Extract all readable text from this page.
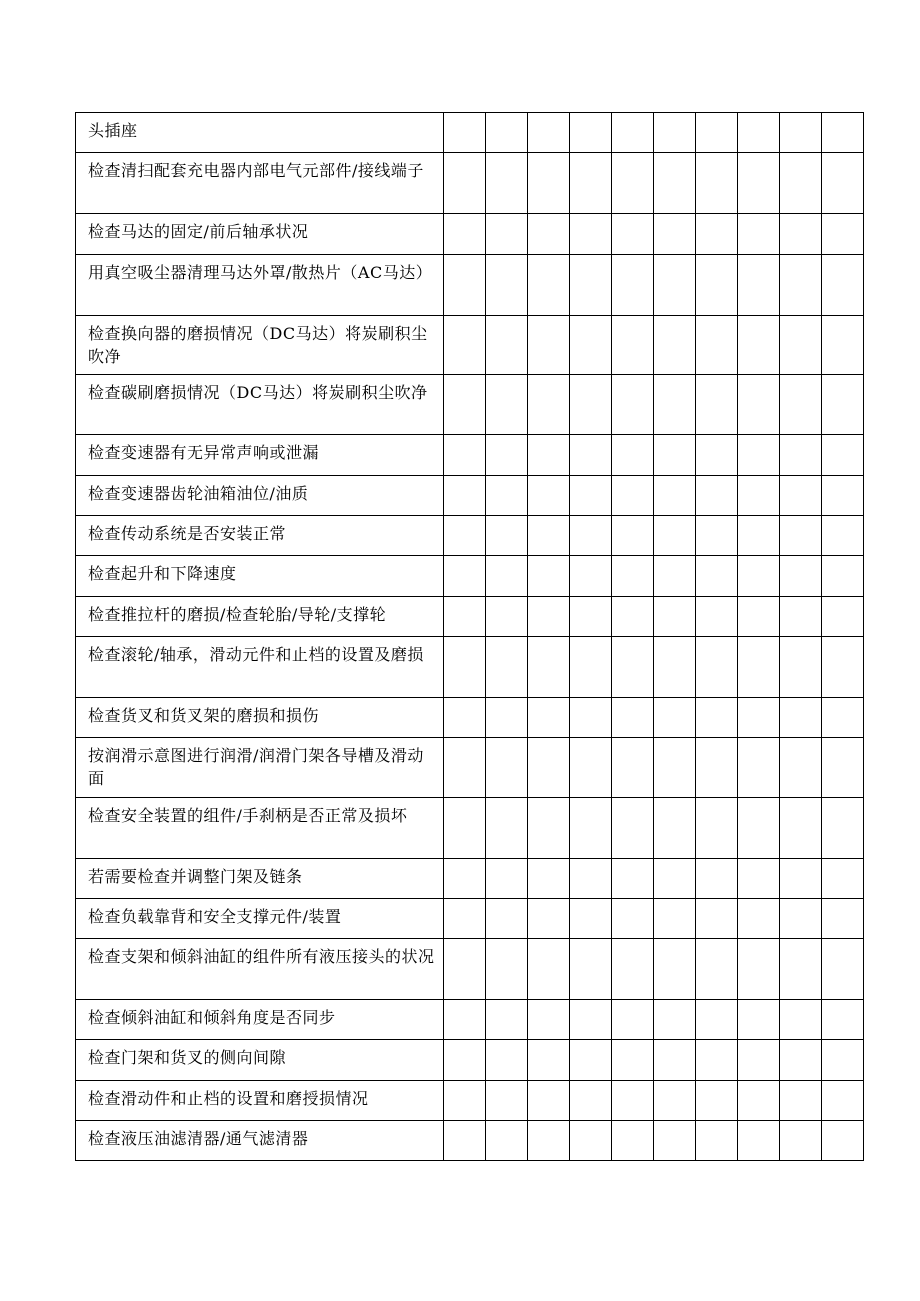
头插座										
检查清扫配套充电器内部电气元部件/接线端子										
检查马达的固定/前后轴承状况										
用真空吸尘器清理马达外罩/散热片（AC马达）										
检查换向器的磨损情况（DC马达）将炭刷积尘吹净										
检查碳刷磨损情况（DC马达）将炭刷积尘吹净										
检查变速器有无异常声响或泄漏										
检查变速器齿轮油箱油位/油质										
检查传动系统是否安装正常										
检查起升和下降速度										
检查推拉杆的磨损/检查轮胎/导轮/支撑轮										
检查滚轮/轴承，滑动元件和止档的设置及磨损										
检查货叉和货叉架的磨损和损伤										
按润滑示意图进行润滑/润滑门架各导槽及滑动面										
检查安全装置的组件/手刹柄是否正常及损坏										
若需要检查并调整门架及链条										
检查负载靠背和安全支撑元件/装置										
检查支架和倾斜油缸的组件所有液压接头的状况										
检查倾斜油缸和倾斜角度是否同步										
检查门架和货叉的侧向间隙										
检查滑动件和止档的设置和磨授损情况										
检查液压油滤清器/通气滤清器										
